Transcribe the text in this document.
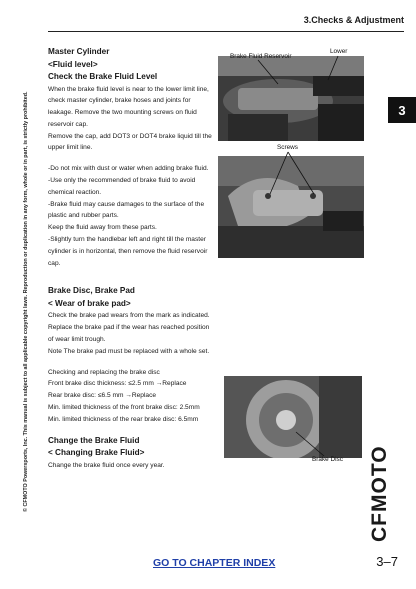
3.Checks & Adjustment
3
© CFMOTO Powersports, Inc. This manual is subject to all applicable copyright laws. Reproduction or duplication in any form, whole or in part, is strictly prohibited.

Master Cylinder

<Fluid level>

Check the Brake Fluid Level

When the brake fluid level is near to the lower limit line, check master cylinder, brake hoses and joints for leakage. Remove the two mounting screws on fluid reservoir cap.

Remove the cap, add DOT3 or DOT4 brake liquid till the upper limit line.

-Do not mix with dust or water when adding brake fluid.

-Use only the recommended of brake fluid to avoid chemical reaction.

-Brake fluid may cause damages to the surface of the plastic and rubber parts.

Keep the fluid away from these parts.

-Slightly turn the handlebar left and right till the master cylinder is in horizontal, then remove the fluid reservoir cap.

Brake Disc, Brake Pad

< Wear of brake pad>

Check the brake pad wears from the mark as indicated. Replace the brake pad if the wear has reached position of wear limit trough.

Note The brake pad must be replaced with a whole set.

Checking and replacing the brake disc

Front brake disc thickness: ≤2.5 mm →Replace

Rear brake disc: ≤6.5 mm →Replace

Min. limited thickness of the front brake disc: 2.5mm

Min. limited thickness of the rear brake disc: 6.5mm

Change the Brake Fluid

< Changing Brake Fluid>

Change the brake fluid once every year.

Brake Fluid Reservoir
Lower
Screws
Brake Disc
GO TO CHAPTER INDEX	3–7
CFMOTO
